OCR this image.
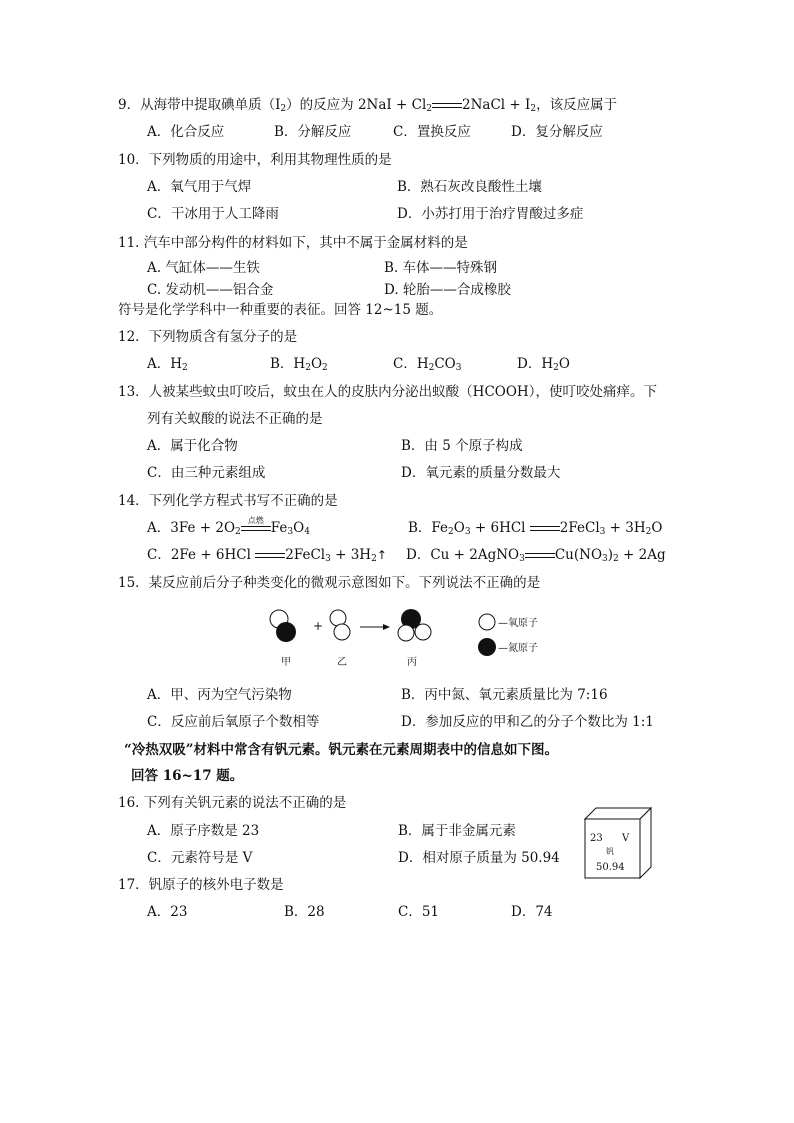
9．从海带中提取碘单质$(I_2)$的反应为 $2NaI + Cl_2$ 2NaCl + $I_2$，该反应属于
A．化合反应	B．分解反应	C．置换反应	D．复分解反应
10．下列物质的用途中，利用其物理性质的是
A．氧气用于气焊	B．熟石灰改良酸性土壤
C．干冰用于人工降雨	D．小苏打用于治疗胃酸过多症
11. 汽车中部分构件的材料如下，其中不属于金属材料的是
A. 气缸体——生铁	B. 车体——特殊钢
C. 发动机——铝合金	D. 轮胎——合成橡胶
符号是化学学科中一种重要的表征。回答 12~15 题。
12．下列物质含有氢分子的是
A．$H_2$	B．$H_2O_2$	C．$H_2CO_3$	D．$H_2O$
13．人被某些蚊虫叮咬后，蚊虫在人的皮肤内分泌出蚁酸（HCOOH），使叮咬处痛痒。下
列有关蚁酸的说法不正确的是
A．属于化合物	B．由 5 个原子构成
C．由三种元素组成	D．氧元素的质量分数最大
14．下列化学方程式书写不正确的是
A．$3Fe + 2O_2$
点燃 $Fe_3O_4$	B．$Fe_2O_3 + 6HCl$ 2FeCl$_3$ + $3H_2O$
C．2Fe + 6HCl 2FeCl$_3$ + $3H_2↑$ D．Cu + 2AgNO$_3$ $Cu(NO_3)_2 + 2Ag$
15．某反应前后分子种类变化的微观示意图如下。下列说法不正确的是
+
甲	乙	丙
—氧原子
—氮原子
A．甲、丙为空气污染物	B．丙中氮、氧元素质量比为 7:16
C．反应前后氧原子个数相等	D．参加反应的甲和乙的分子个数比为 1:1
“冷热双吸”材料中常含有钒元素。钒元素在元素周期表中的信息如下图。
回答 16~17 题。
16. 下列有关钒元素的说法不正确的是
A．原子序数是 23	B．属于非金属元素
C．元素符号是 V	D．相对原子质量为 50.94
23 V
钒
50.94
17．钒原子的核外电子数是
A．23	B．28	C．51	D．74
